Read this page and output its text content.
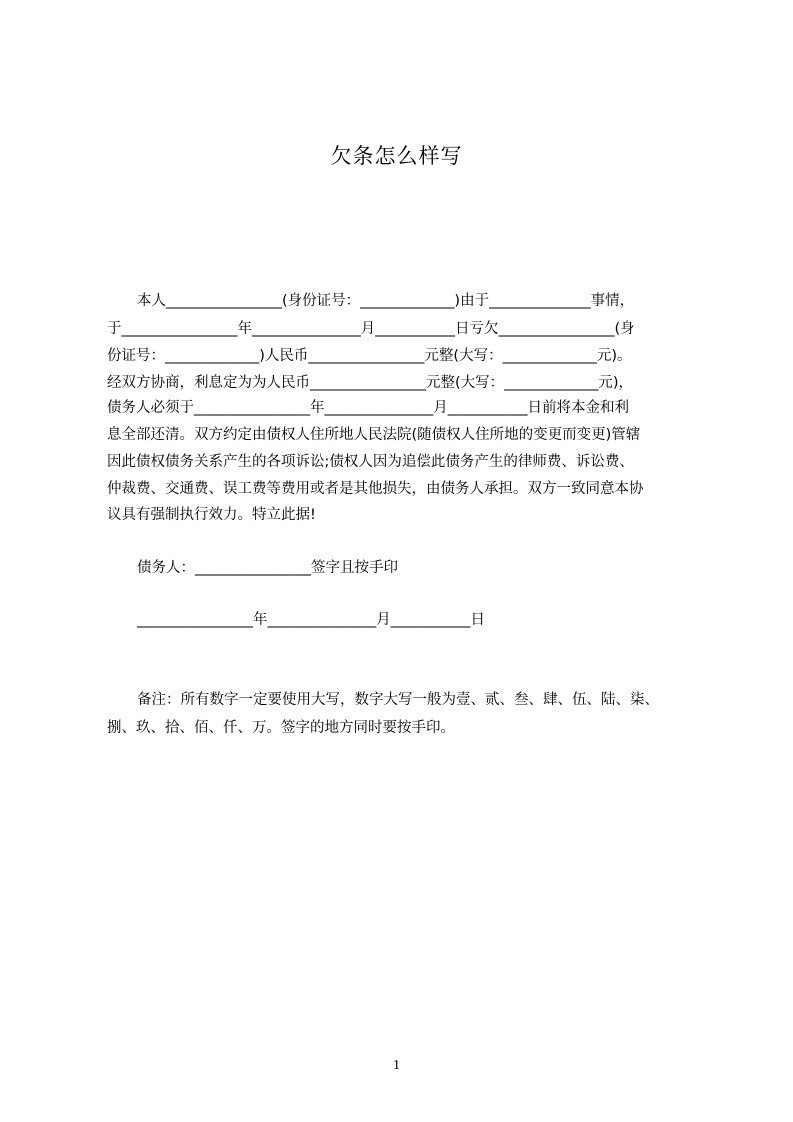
欠条怎么样写
本人________________(身份证号：_____________)由于______________事情，
于________________年_______________月___________日亏欠________________(身
份证号：_____________)人民币________________元整(大写：_____________元)。
经双方协商，利息定为为人民币________________元整(大写：_____________元)，
债务人必须于________________年_______________月___________日前将本金和利
息全部还清。双方约定由债权人住所地人民法院(随债权人住所地的变更而变更)管辖
因此债权债务关系产生的各项诉讼;债权人因为追偿此债务产生的律师费、诉讼费、
仲裁费、交通费、误工费等费用或者是其他损失，由债务人承担。双方一致同意本协
议具有强制执行效力。特立此据!
债务人：________________签字且按手印
________________年_______________月___________日
备注：所有数字一定要使用大写，数字大写一般为壹、贰、叁、肆、伍、陆、柒、
捌、玖、拾、佰、仟、万。签字的地方同时要按手印。
1
